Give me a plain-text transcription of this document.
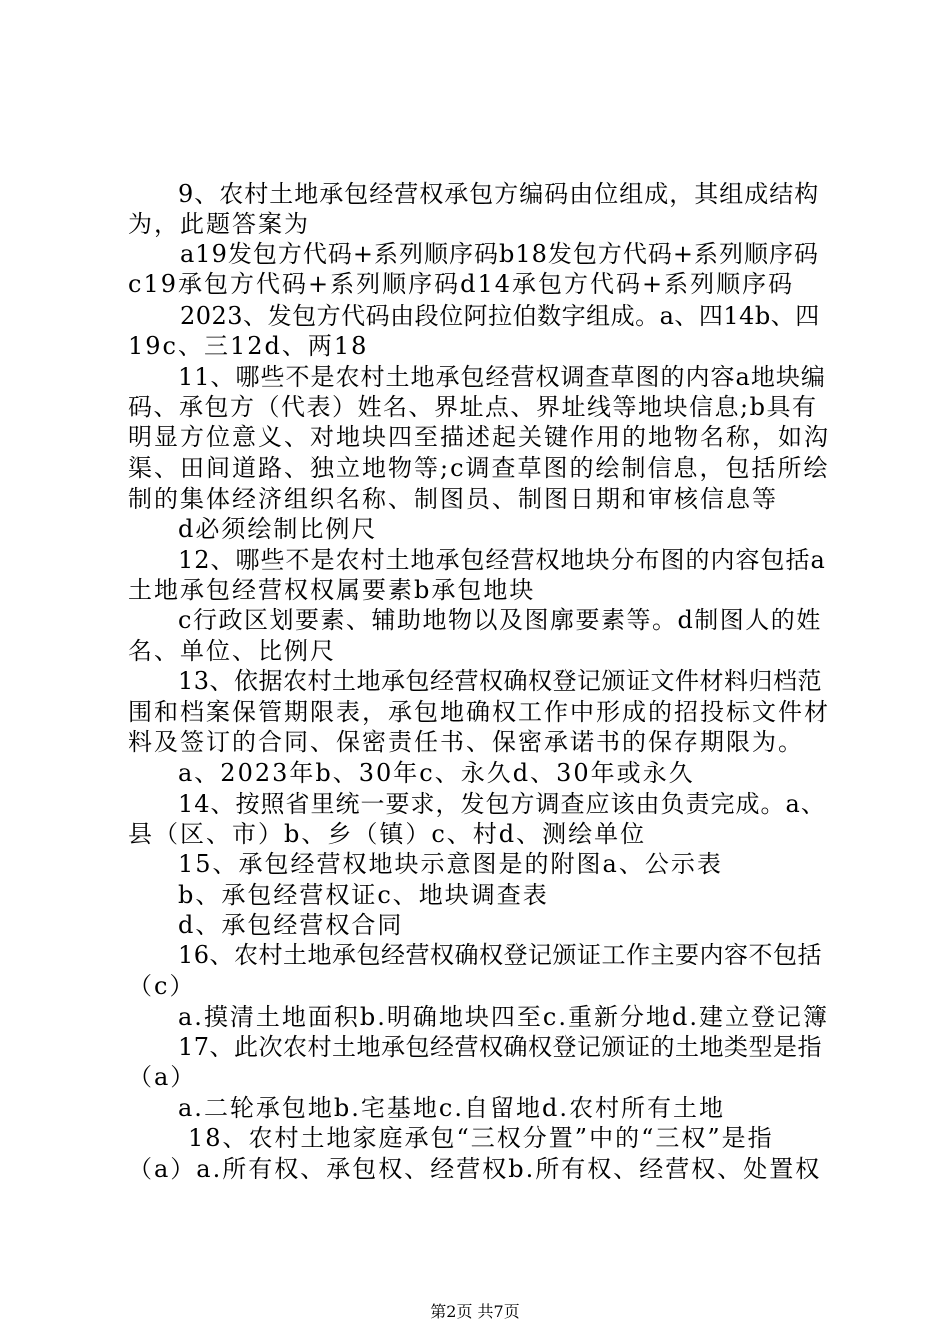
9、农村土地承包经营权承包方编码由位组成，其组成结构
为，此题答案为
a19发包方代码+系列顺序码b18发包方代码+系列顺序码
c19承包方代码+系列顺序码d14承包方代码+系列顺序码
2023、发包方代码由段位阿拉伯数字组成。a、四14b、四
19c、三12d、两18
11、哪些不是农村土地承包经营权调查草图的内容a地块编
码、承包方（代表）姓名、界址点、界址线等地块信息;b具有
明显方位意义、对地块四至描述起关键作用的地物名称，如沟
渠、田间道路、独立地物等;c调查草图的绘制信息，包括所绘
制的集体经济组织名称、制图员、制图日期和审核信息等
d必须绘制比例尺
12、哪些不是农村土地承包经营权地块分布图的内容包括a
土地承包经营权权属要素b承包地块
c行政区划要素、辅助地物以及图廓要素等。d制图人的姓
名、单位、比例尺
13、依据农村土地承包经营权确权登记颁证文件材料归档范
围和档案保管期限表，承包地确权工作中形成的招投标文件材
料及签订的合同、保密责任书、保密承诺书的保存期限为。
a、2023年b、30年c、永久d、30年或永久
14、按照省里统一要求，发包方调查应该由负责完成。a、
县（区、市）b、乡（镇）c、村d、测绘单位
15、承包经营权地块示意图是的附图a、公示表
b、承包经营权证c、地块调查表
d、承包经营权合同
16、农村土地承包经营权确权登记颁证工作主要内容不包括
（c）
a.摸清土地面积b.明确地块四至c.重新分地d.建立登记簿
17、此次农村土地承包经营权确权登记颁证的土地类型是指
（a）
a.二轮承包地b.宅基地c.自留地d.农村所有土地
18、农村土地家庭承包“三权分置”中的“三权”是指
（a）a.所有权、承包权、经营权b.所有权、经营权、处置权
第2页 共7页
